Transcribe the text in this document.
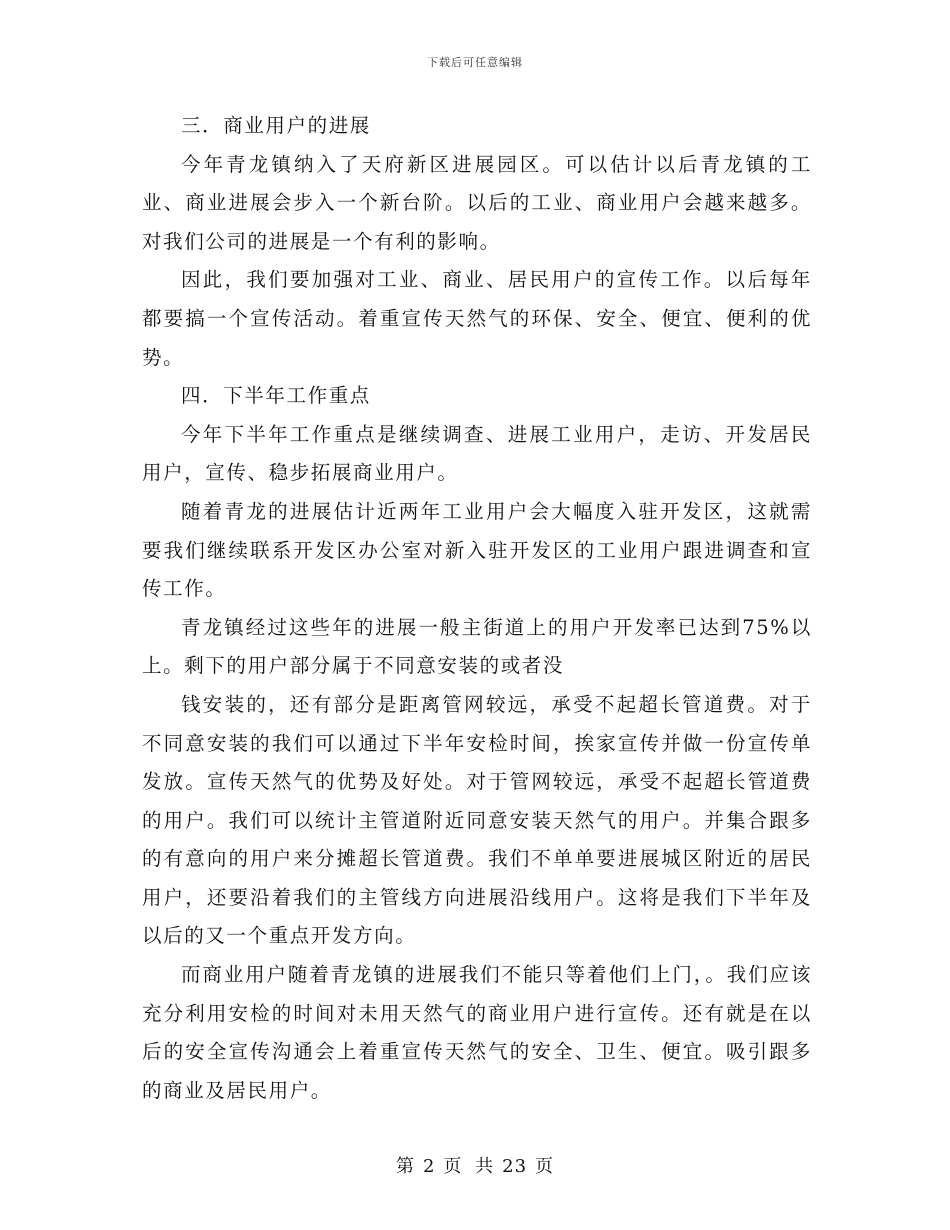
下载后可任意编辑

三．商业用户的进展

今年青龙镇纳入了天府新区进展园区。可以估计以后青龙镇的工业、商业进展会步入一个新台阶。以后的工业、商业用户会越来越多。对我们公司的进展是一个有利的影响。

因此，我们要加强对工业、商业、居民用户的宣传工作。以后每年都要搞一个宣传活动。着重宣传天然气的环保、安全、便宜、便利的优势。

四．下半年工作重点

今年下半年工作重点是继续调查、进展工业用户，走访、开发居民用户，宣传、稳步拓展商业用户。

随着青龙的进展估计近两年工业用户会大幅度入驻开发区，这就需要我们继续联系开发区办公室对新入驻开发区的工业用户跟进调查和宣传工作。

青龙镇经过这些年的进展一般主街道上的用户开发率已达到75%以上。剩下的用户部分属于不同意安装的或者没

钱安装的，还有部分是距离管网较远，承受不起超长管道费。对于不同意安装的我们可以通过下半年安检时间，挨家宣传并做一份宣传单发放。宣传天然气的优势及好处。对于管网较远，承受不起超长管道费的用户。我们可以统计主管道附近同意安装天然气的用户。并集合跟多的有意向的用户来分摊超长管道费。我们不单单要进展城区附近的居民用户，还要沿着我们的主管线方向进展沿线用户。这将是我们下半年及以后的又一个重点开发方向。

而商业用户随着青龙镇的进展我们不能只等着他们上门，。我们应该充分利用安检的时间对未用天然气的商业用户进行宣传。还有就是在以后的安全宣传沟通会上着重宣传天然气的安全、卫生、便宜。吸引跟多的商业及居民用户。

第 2 页 共 23 页
